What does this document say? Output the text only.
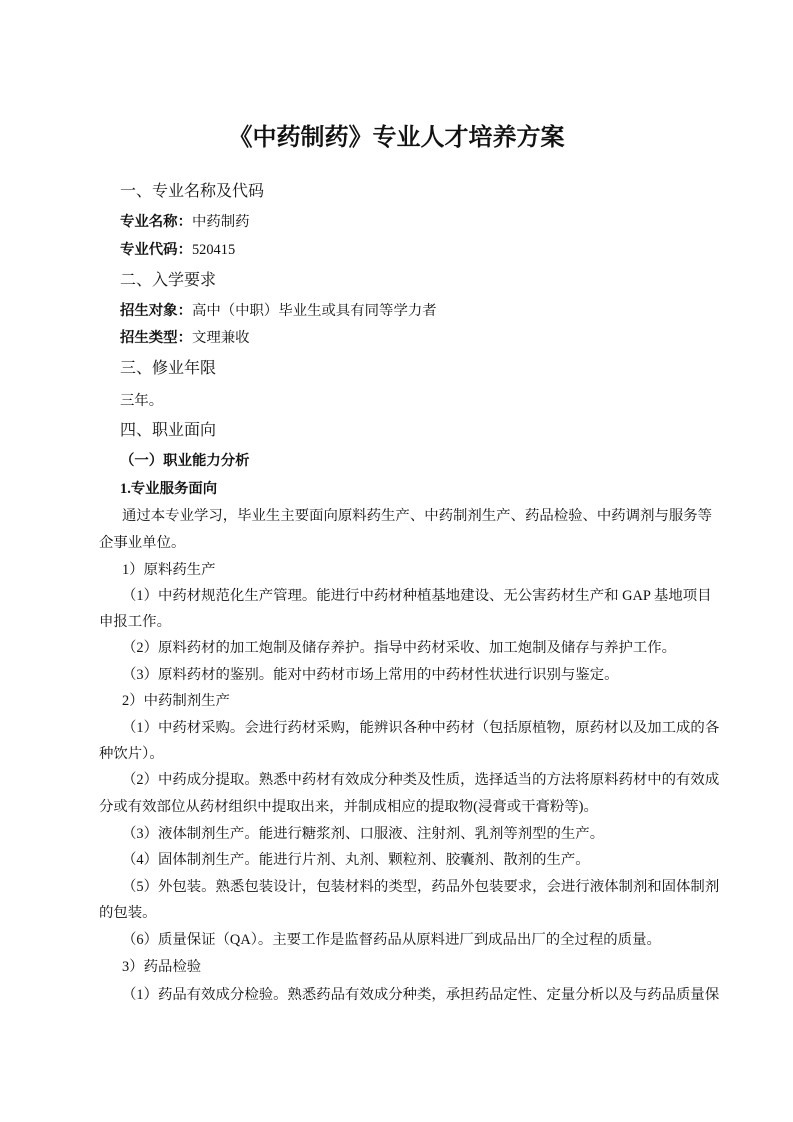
《中药制药》专业人才培养方案
一、专业名称及代码
专业名称：中药制药
专业代码：520415
二、入学要求
招生对象：高中（中职）毕业生或具有同等学力者
招生类型：文理兼收
三、修业年限
三年。
四、职业面向
（一）职业能力分析
1.专业服务面向
通过本专业学习，毕业生主要面向原料药生产、中药制剂生产、药品检验、中药调剂与服务等
企事业单位。
1）原料药生产
（1）中药材规范化生产管理。能进行中药材种植基地建设、无公害药材生产和 GAP 基地项目
申报工作。
（2）原料药材的加工炮制及储存养护。指导中药材采收、加工炮制及储存与养护工作。
（3）原料药材的鉴别。能对中药材市场上常用的中药材性状进行识别与鉴定。
2）中药制剂生产
（1）中药材采购。会进行药材采购，能辨识各种中药材（包括原植物，原药材以及加工成的各
种饮片）。
（2）中药成分提取。熟悉中药材有效成分种类及性质，选择适当的方法将原料药材中的有效成
分或有效部位从药材组织中提取出来，并制成相应的提取物(浸膏或干膏粉等)。
（3）液体制剂生产。能进行糖浆剂、口服液、注射剂、乳剂等剂型的生产。
（4）固体制剂生产。能进行片剂、丸剂、颗粒剂、胶囊剂、散剂的生产。
（5）外包装。熟悉包装设计，包装材料的类型，药品外包装要求，会进行液体制剂和固体制剂
的包装。
（6）质量保证（QA）。主要工作是监督药品从原料进厂到成品出厂的全过程的质量。
3）药品检验
（1）药品有效成分检验。熟悉药品有效成分种类，承担药品定性、定量分析以及与药品质量保
